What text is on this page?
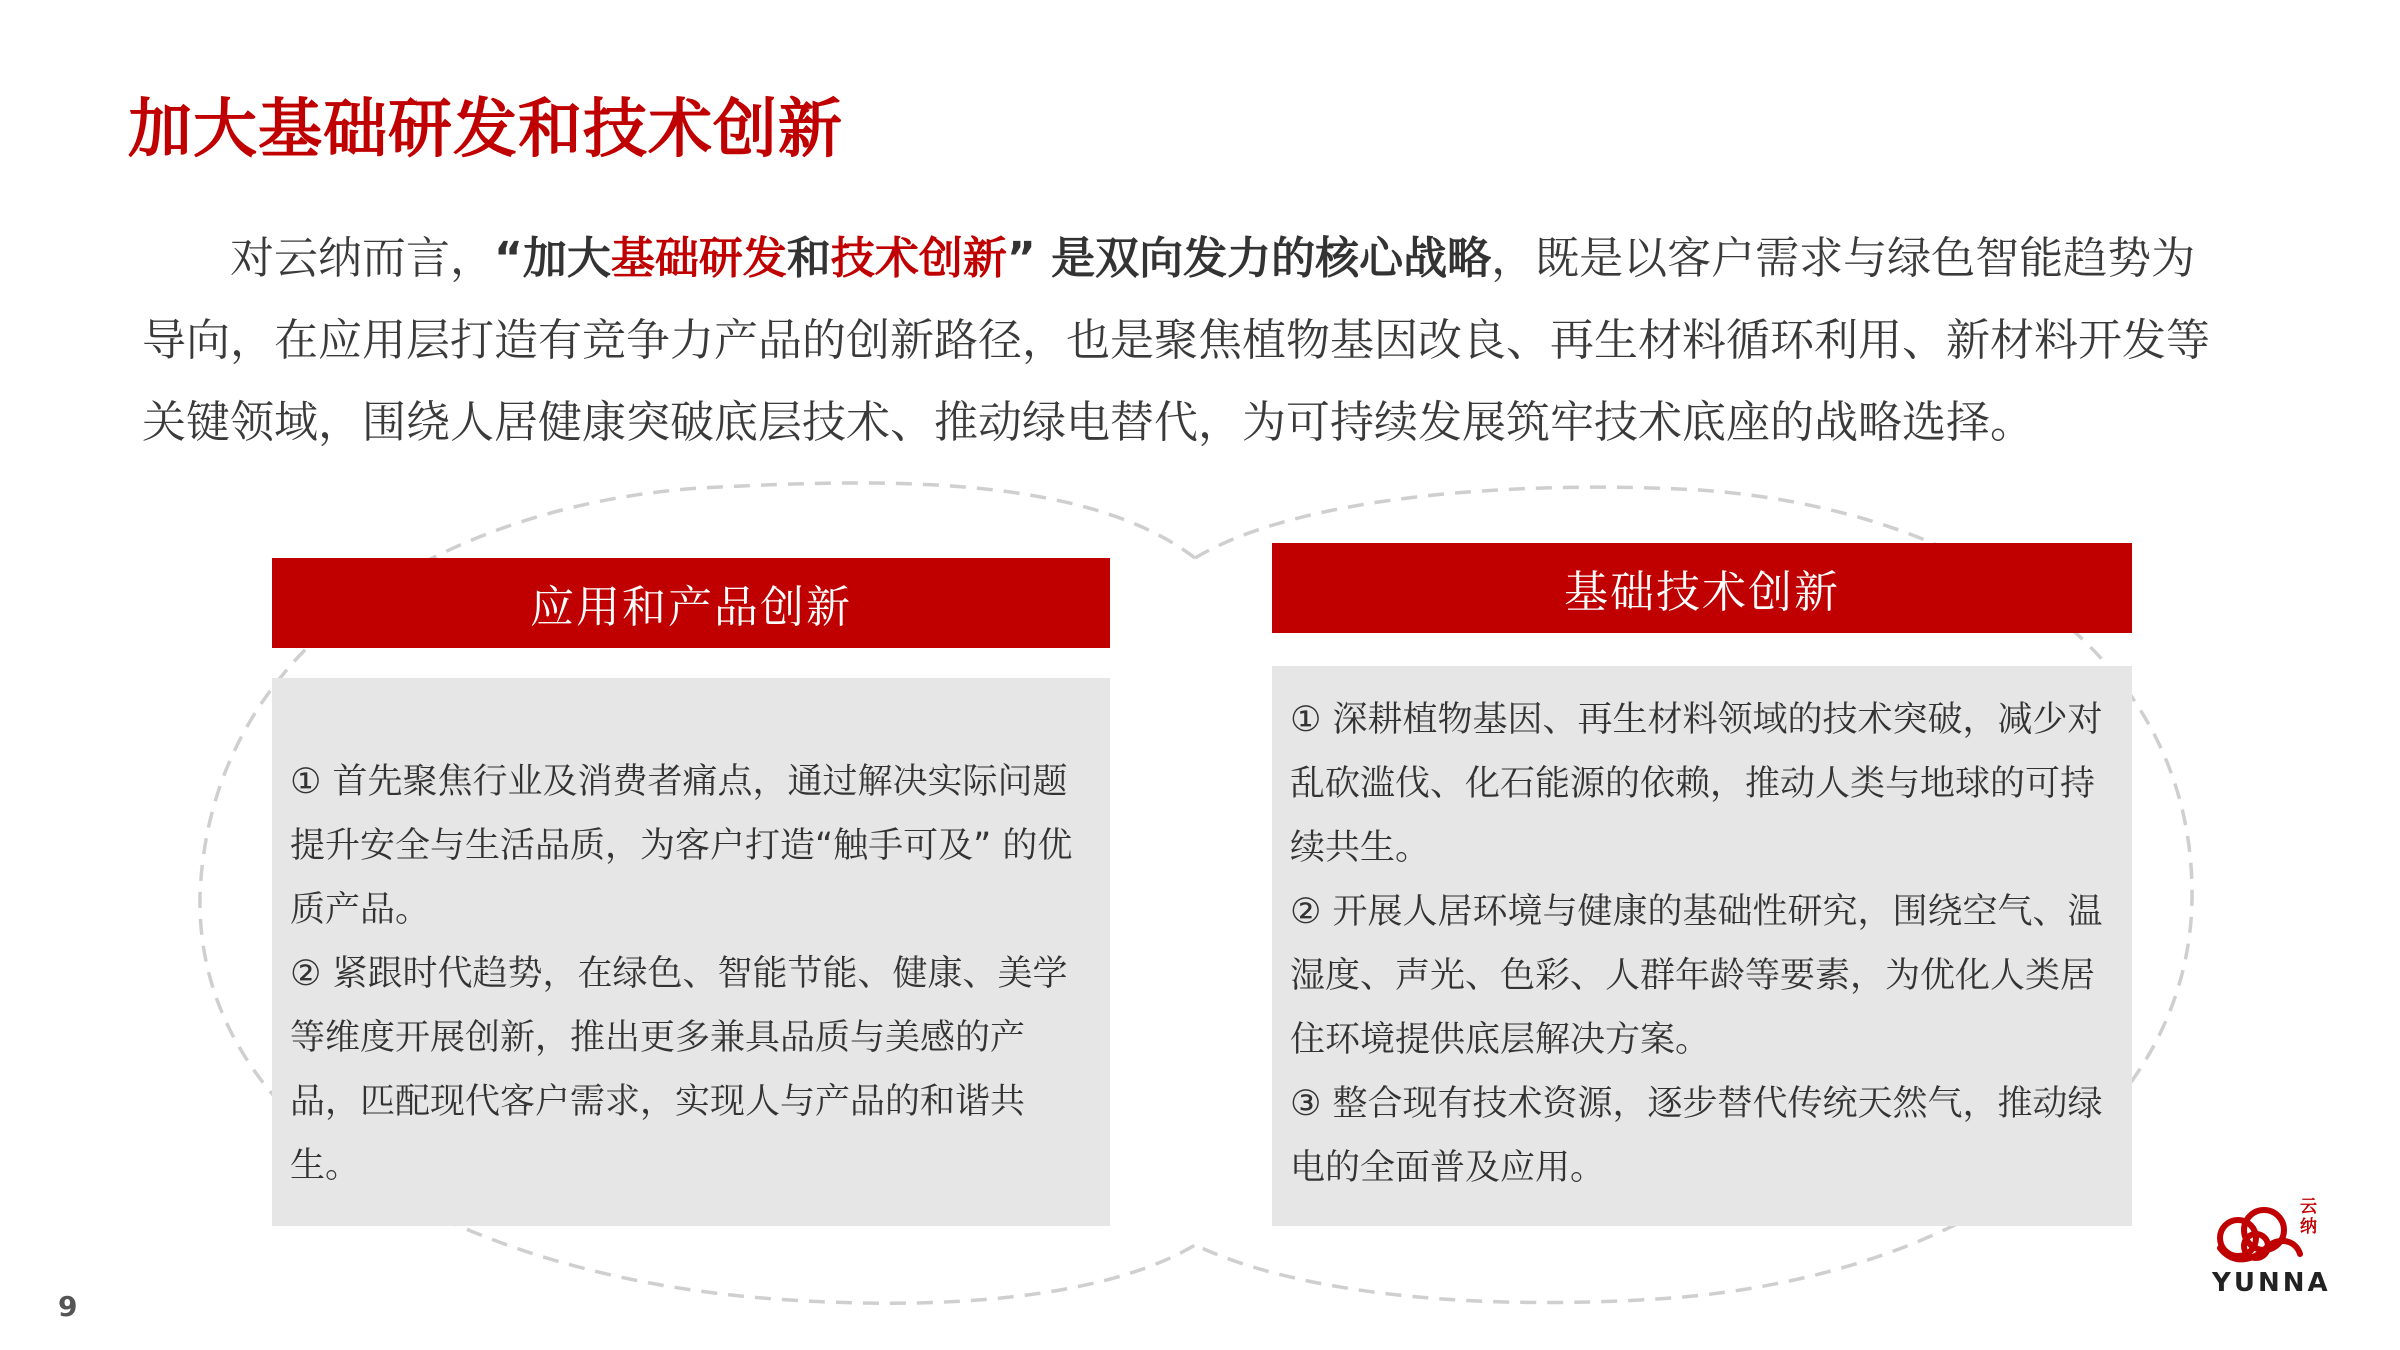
加大基础研发和技术创新
对云纳而言，“加大基础研发和技术创新” 是双向发力的核心战略，既是以客户需求与绿色智能趋势为导向，在应用层打造有竞争力产品的创新路径，也是聚焦植物基因改良、再生材料循环利用、新材料开发等关键领域，围绕人居健康突破底层技术、推动绿电替代，为可持续发展筑牢技术底座的战略选择。
应用和产品创新

① 首先聚焦行业及消费者痛点，通过解决实际问题提升安全与生活品质，为客户打造“触手可及” 的优质产品。

② 紧跟时代趋势，在绿色、智能节能、健康、美学等维度开展创新，推出更多兼具品质与美感的产品，匹配现代客户需求，实现人与产品的和谐共生。

基础技术创新

① 深耕植物基因、再生材料领域的技术突破，减少对乱砍滥伐、化石能源的依赖，推动人类与地球的可持续共生。

② 开展人居环境与健康的基础性研究，围绕空气、温湿度、声光、色彩、人群年龄等要素，为优化人类居住环境提供底层解决方案。

③ 整合现有技术资源，逐步替代传统天然气，推动绿电的全面普及应用。

9
云
纳
YUNNA
